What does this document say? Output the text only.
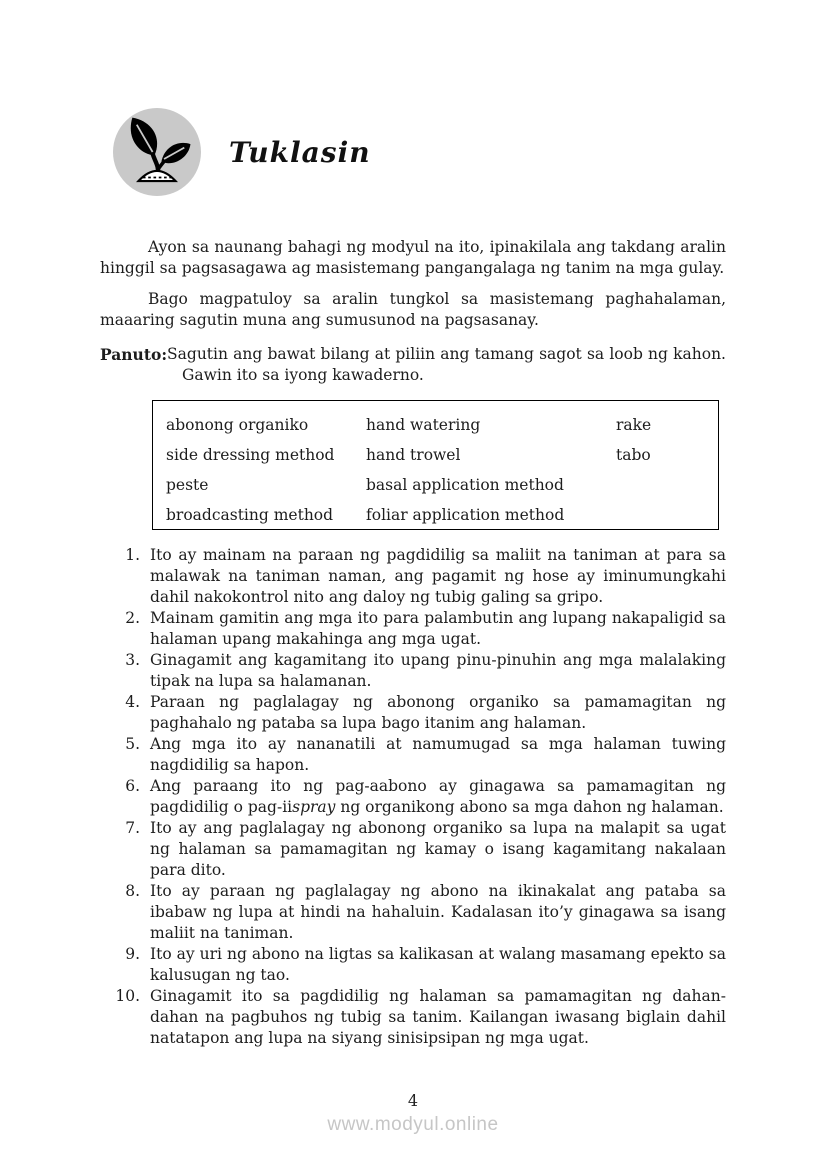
Tuklasin

Ayon sa naunang bahagi ng modyul na ito, ipinakilala ang takdang aralin hinggil sa pagsasagawa ag masistemang pangangalaga ng tanim na mga gulay.

Bago magpatuloy sa aralin tungkol sa masistemang paghahalaman, maaaring sagutin muna ang sumusunod na pagsasanay.

Panuto: Sagutin ang bawat bilang at piliin ang tamang sagot sa loob ng kahon.
Gawin ito sa iyong kawaderno.
abonong organiko	hand watering	rake
side dressing method	hand trowel	tabo
peste	basal application method
broadcasting method	foliar application method
1. Ito ay mainam na paraan ng pagdidilig sa maliit na taniman at para sa malawak na taniman naman, ang pagamit ng hose ay iminumungkahi dahil nakokontrol nito ang daloy ng tubig galing sa gripo.
2. Mainam gamitin ang mga ito para palambutin ang lupang nakapaligid sa halaman upang makahinga ang mga ugat.
3. Ginagamit ang kagamitang ito upang pinu-pinuhin ang mga malalaking tipak na lupa sa halamanan.
4. Paraan ng paglalagay ng abonong organiko sa pamamagitan ng paghahalo ng pataba sa lupa bago itanim ang halaman.
5. Ang mga ito ay nananatili at namumugad sa mga halaman tuwing nagdidilig sa hapon.
6. Ang paraang ito ng pag-aabono ay ginagawa sa pamamagitan ng pagdidilig o pag-iispray ng organikong abono sa mga dahon ng halaman.
7. Ito ay ang paglalagay ng abonong organiko sa lupa na malapit sa ugat ng halaman sa pamamagitan ng kamay o isang kagamitang nakalaan para dito.
8. Ito ay paraan ng paglalagay ng abono na ikinakalat ang pataba sa ibabaw ng lupa at hindi na hahaluin. Kadalasan ito’y ginagawa sa isang maliit na taniman.
9. Ito ay uri ng abono na ligtas sa kalikasan at walang masamang epekto sa kalusugan ng tao.
10. Ginagamit ito sa pagdidilig ng halaman sa pamamagitan ng dahan-dahan na pagbuhos ng tubig sa tanim. Kailangan iwasang biglain dahil natatapon ang lupa na siyang sinisipsipan ng mga ugat.
4
www.modyul.online
